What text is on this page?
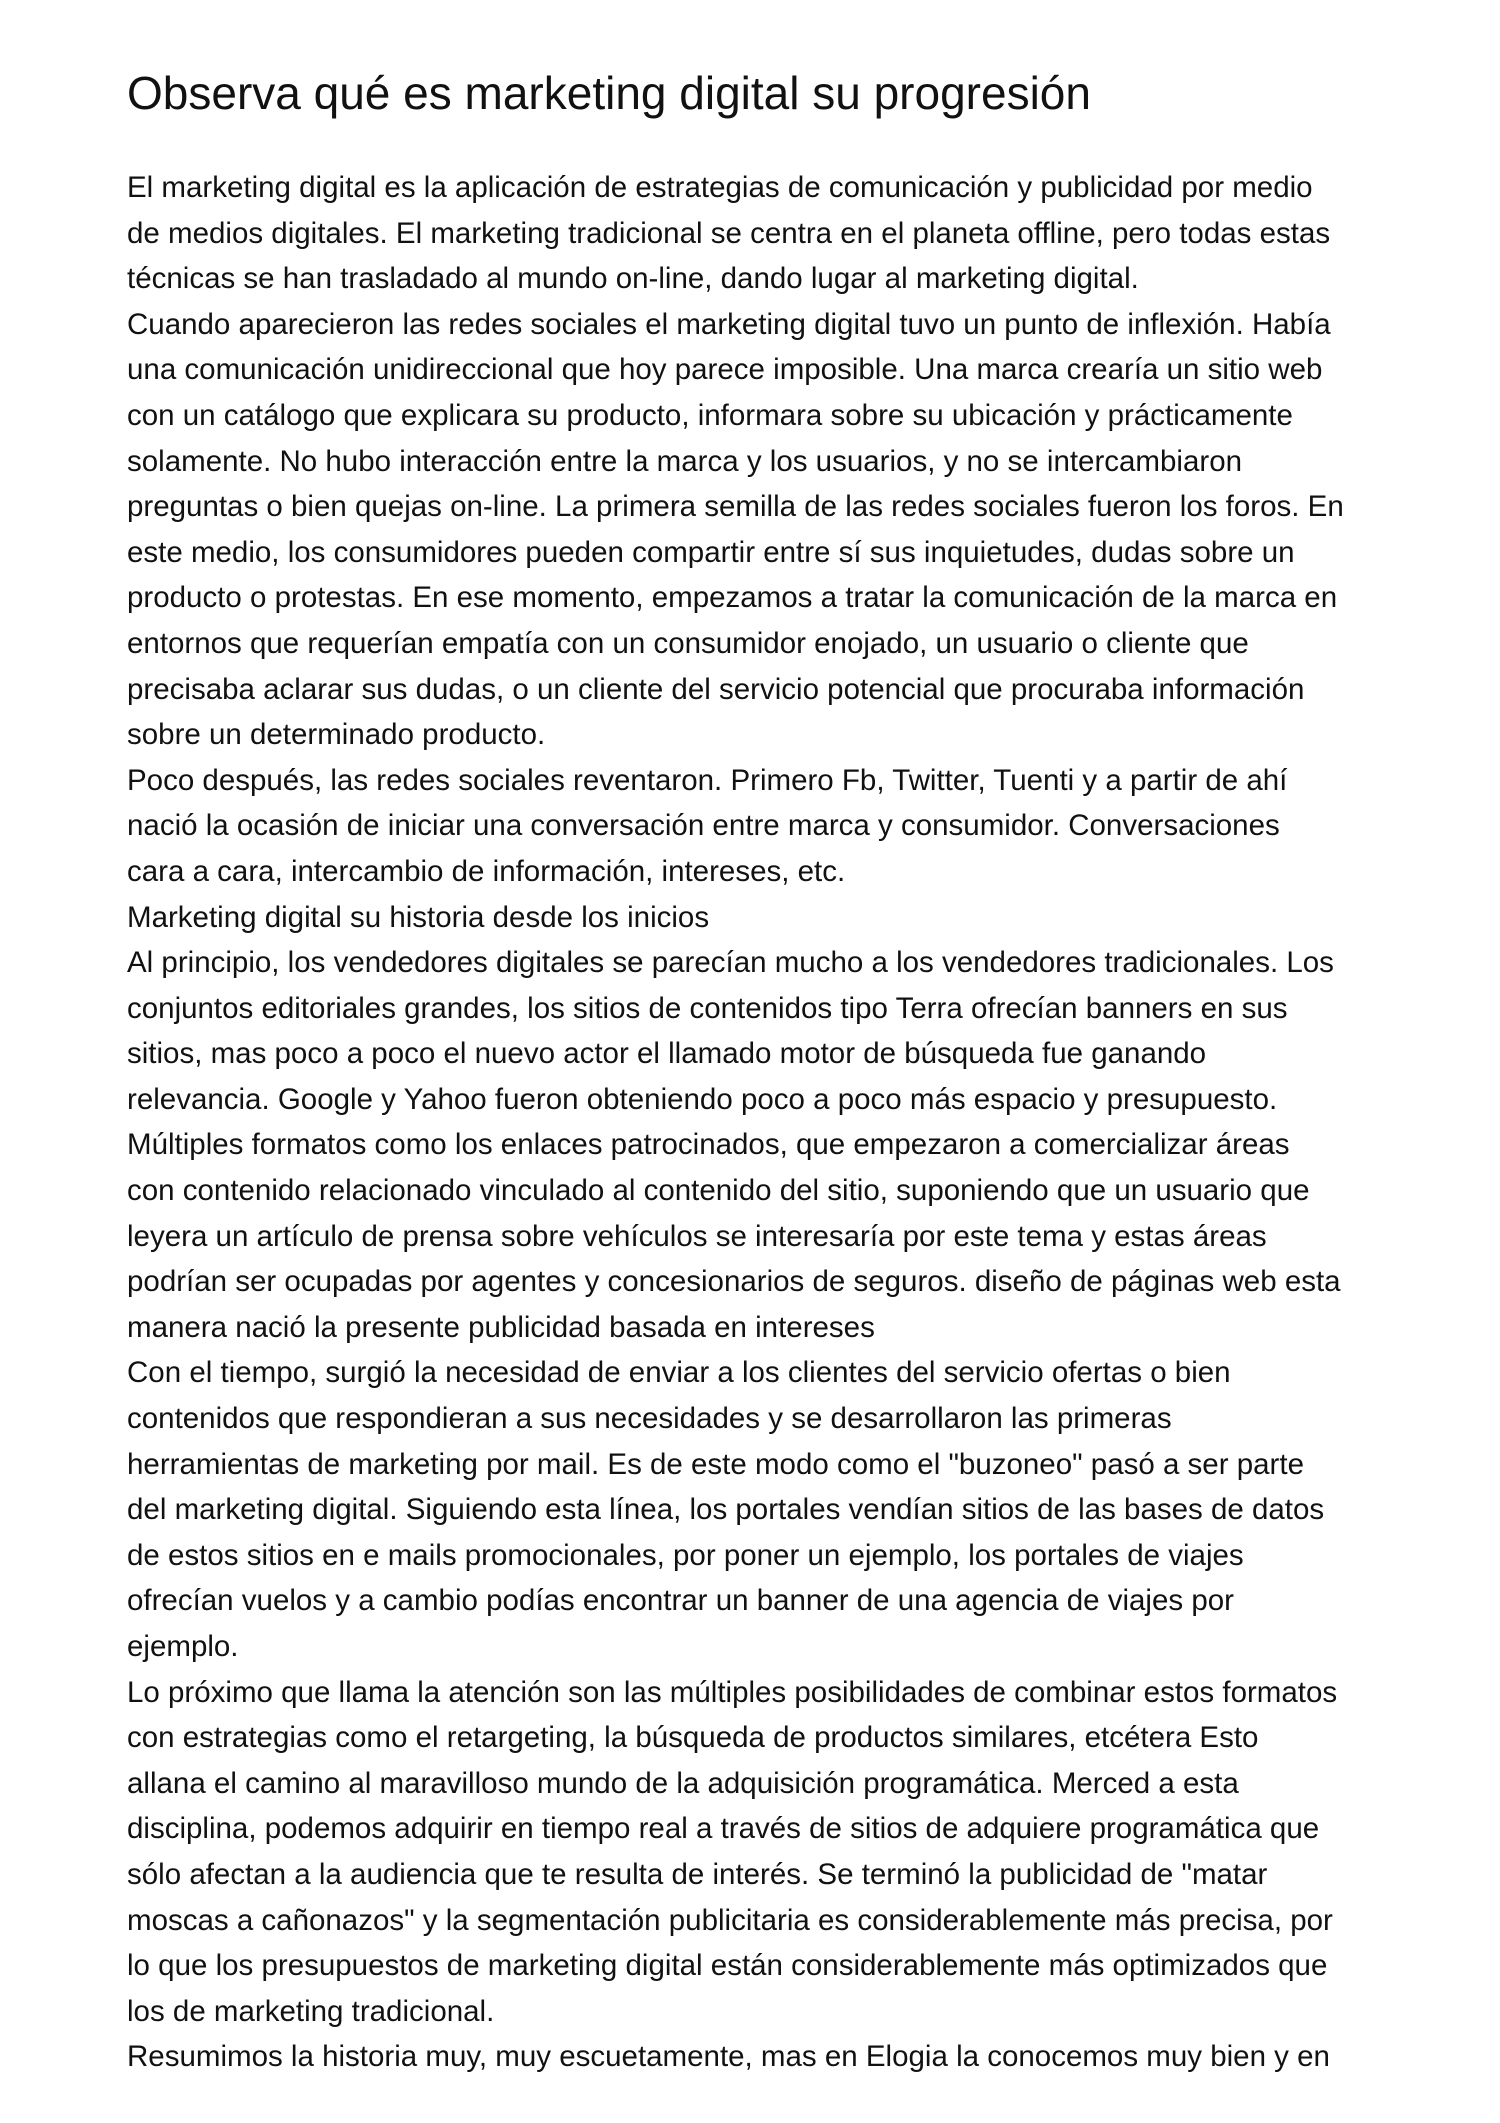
Observa qué es marketing digital su progresión
El marketing digital es la aplicación de estrategias de comunicación y publicidad por medio
de medios digitales. El marketing tradicional se centra en el planeta offline, pero todas estas
técnicas se han trasladado al mundo on-line, dando lugar al marketing digital.
Cuando aparecieron las redes sociales el marketing digital tuvo un punto de inflexión. Había
una comunicación unidireccional que hoy parece imposible. Una marca crearía un sitio web
con un catálogo que explicara su producto, informara sobre su ubicación y prácticamente
solamente. No hubo interacción entre la marca y los usuarios, y no se intercambiaron
preguntas o bien quejas on-line. La primera semilla de las redes sociales fueron los foros. En
este medio, los consumidores pueden compartir entre sí sus inquietudes, dudas sobre un
producto o protestas. En ese momento, empezamos a tratar la comunicación de la marca en
entornos que requerían empatía con un consumidor enojado, un usuario o cliente que
precisaba aclarar sus dudas, o un cliente del servicio potencial que procuraba información
sobre un determinado producto.
Poco después, las redes sociales reventaron. Primero Fb, Twitter, Tuenti y a partir de ahí
nació la ocasión de iniciar una conversación entre marca y consumidor. Conversaciones
cara a cara, intercambio de información, intereses, etc.
Marketing digital su historia desde los inicios
Al principio, los vendedores digitales se parecían mucho a los vendedores tradicionales. Los
conjuntos editoriales grandes, los sitios de contenidos tipo Terra ofrecían banners en sus
sitios, mas poco a poco el nuevo actor el llamado motor de búsqueda fue ganando
relevancia. Google y Yahoo fueron obteniendo poco a poco más espacio y presupuesto.
Múltiples formatos como los enlaces patrocinados, que empezaron a comercializar áreas
con contenido relacionado vinculado al contenido del sitio, suponiendo que un usuario que
leyera un artículo de prensa sobre vehículos se interesaría por este tema y estas áreas
podrían ser ocupadas por agentes y concesionarios de seguros. diseño de páginas web esta
manera nació la presente publicidad basada en intereses
Con el tiempo, surgió la necesidad de enviar a los clientes del servicio ofertas o bien
contenidos que respondieran a sus necesidades y se desarrollaron las primeras
herramientas de marketing por mail. Es de este modo como el "buzoneo" pasó a ser parte
del marketing digital. Siguiendo esta línea, los portales vendían sitios de las bases de datos
de estos sitios en e mails promocionales, por poner un ejemplo, los portales de viajes
ofrecían vuelos y a cambio podías encontrar un banner de una agencia de viajes por
ejemplo.
Lo próximo que llama la atención son las múltiples posibilidades de combinar estos formatos
con estrategias como el retargeting, la búsqueda de productos similares, etcétera Esto
allana el camino al maravilloso mundo de la adquisición programática. Merced a esta
disciplina, podemos adquirir en tiempo real a través de sitios de adquiere programática que
sólo afectan a la audiencia que te resulta de interés. Se terminó la publicidad de "matar
moscas a cañonazos" y la segmentación publicitaria es considerablemente más precisa, por
lo que los presupuestos de marketing digital están considerablemente más optimizados que
los de marketing tradicional.
Resumimos la historia muy, muy escuetamente, mas en Elogia la conocemos muy bien y en
